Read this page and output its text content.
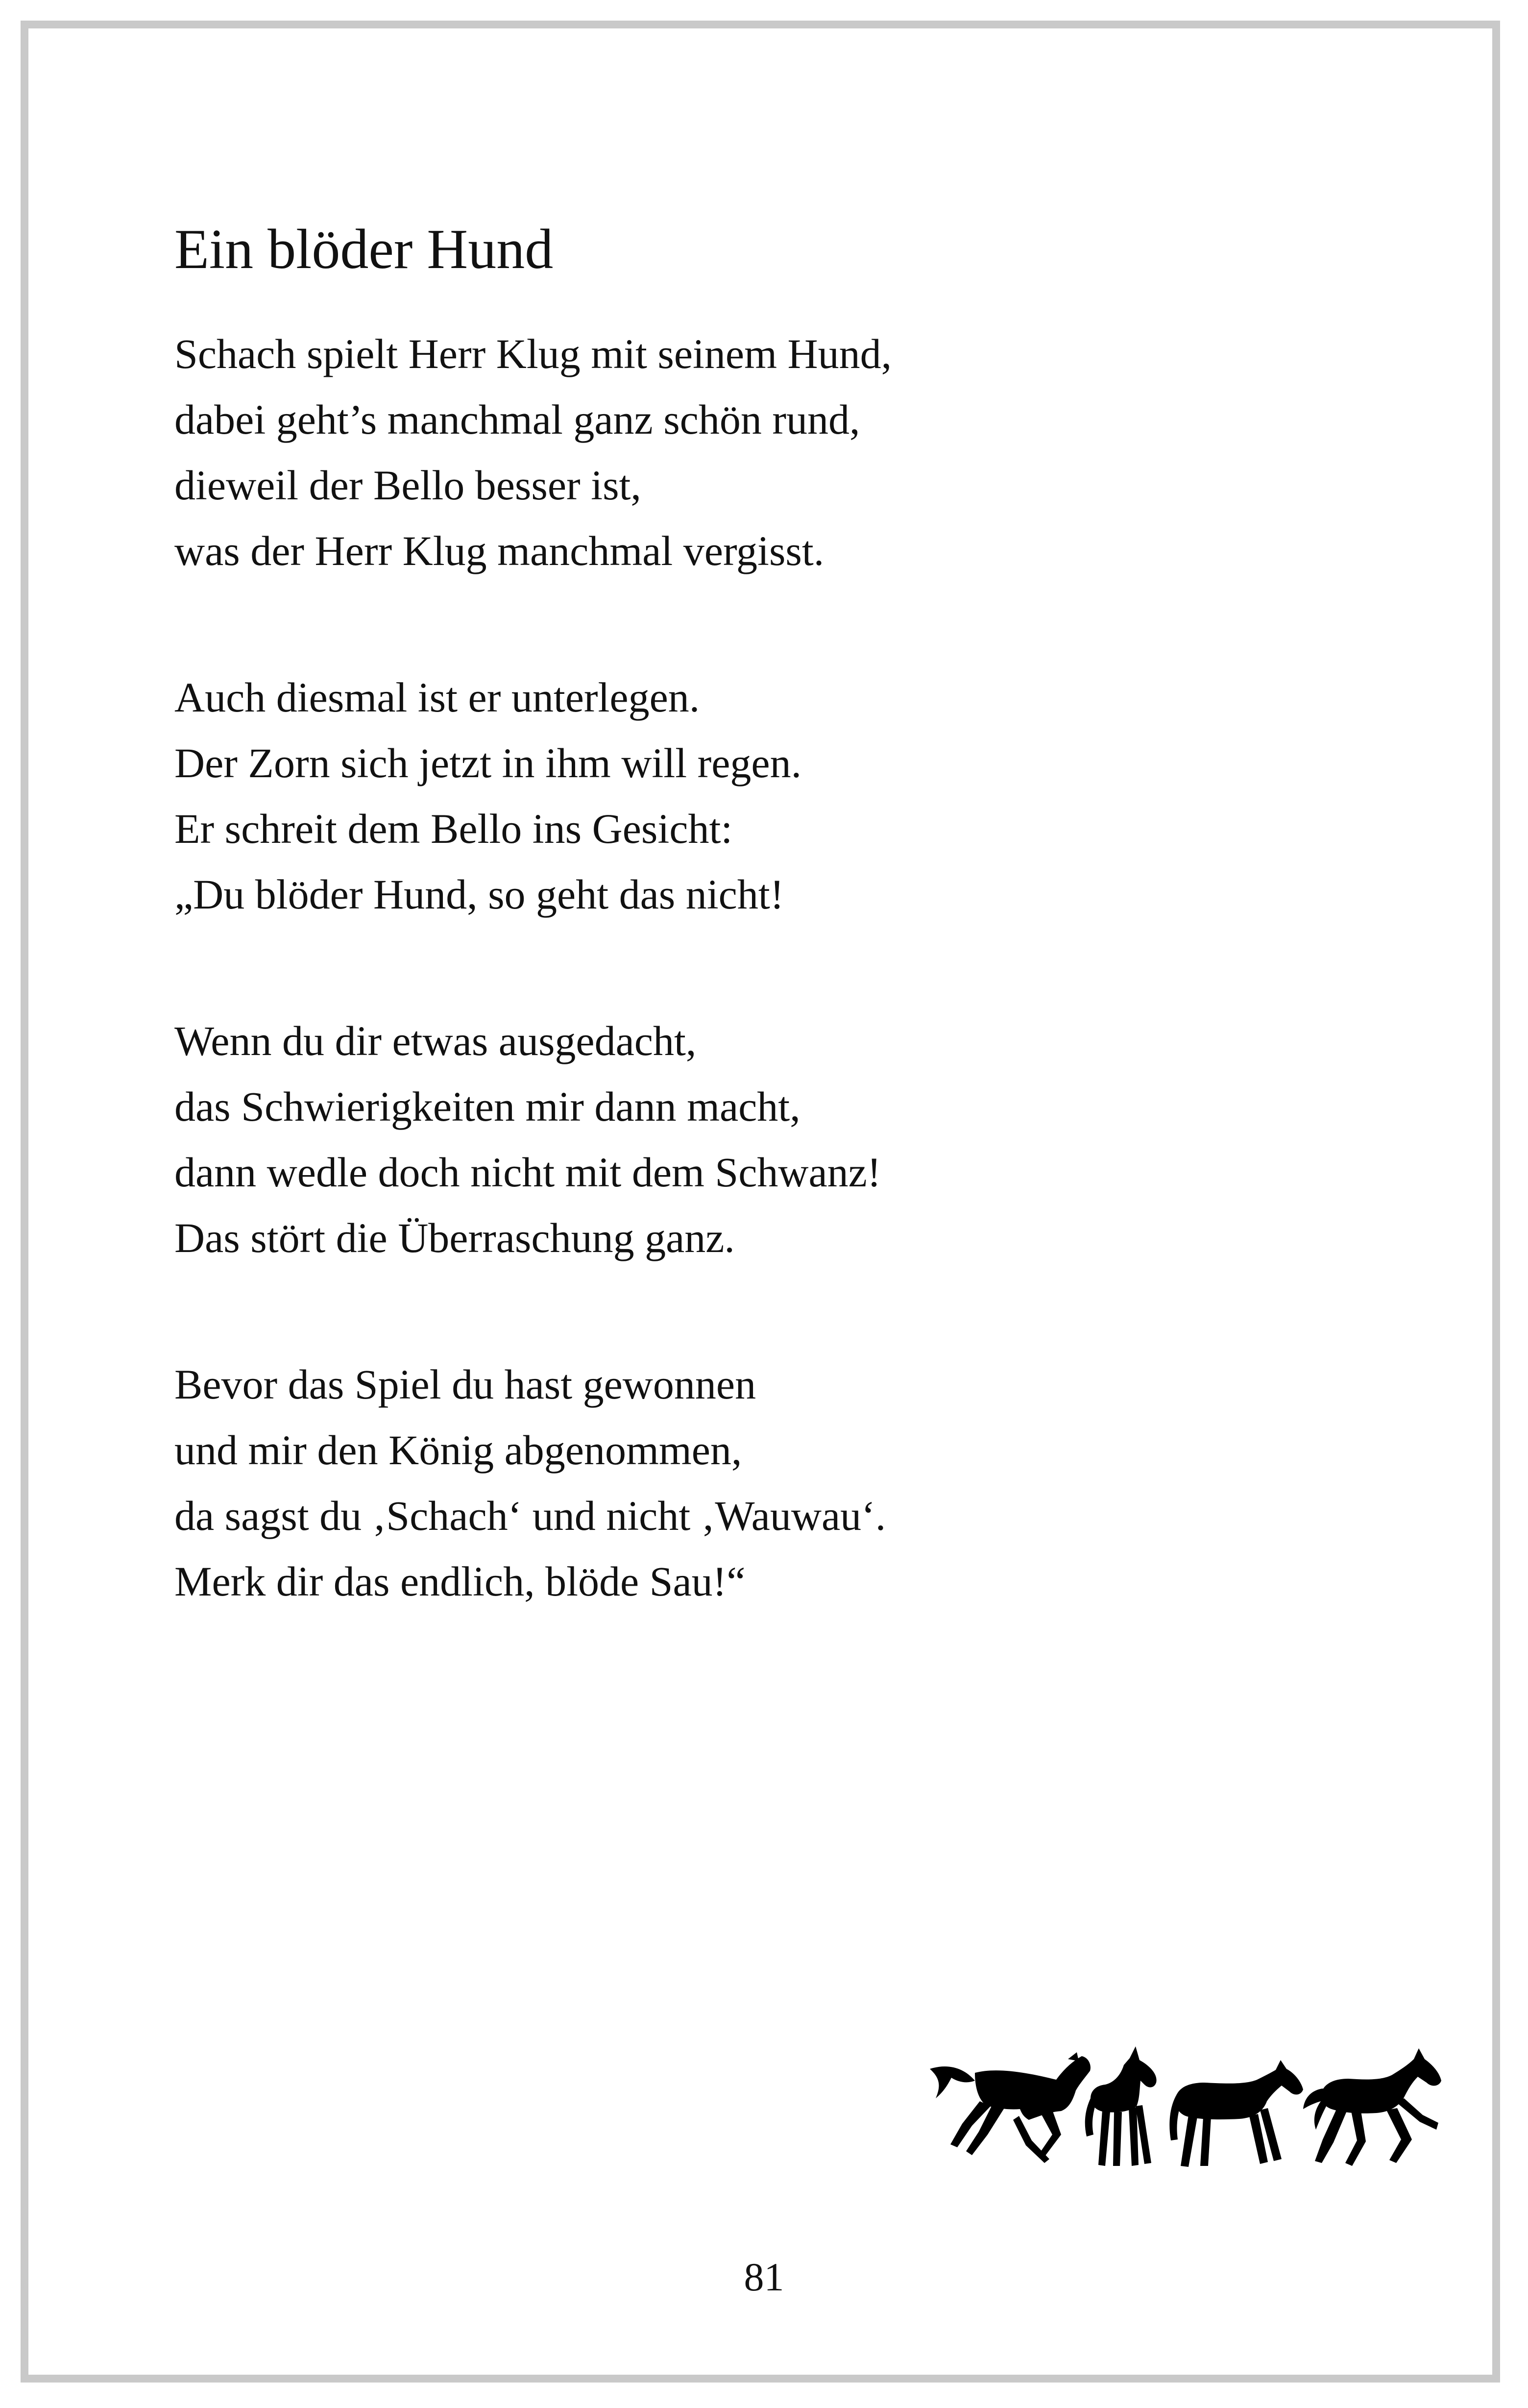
Ein blöder Hund
Schach spielt Herr Klug mit seinem Hund,
dabei geht’s manchmal ganz schön rund,
dieweil der Bello besser ist,
was der Herr Klug manchmal vergisst.
Auch diesmal ist er unterlegen.
Der Zorn sich jetzt in ihm will regen.
Er schreit dem Bello ins Gesicht:
„Du blöder Hund, so geht das nicht!
Wenn du dir etwas ausgedacht,
das Schwierigkeiten mir dann macht,
dann wedle doch nicht mit dem Schwanz!
Das stört die Überraschung ganz.
Bevor das Spiel du hast gewonnen
und mir den König abgenommen,
da sagst du ‚Schach‘ und nicht ‚Wauwau‘.
Merk dir das endlich, blöde Sau!“
81
